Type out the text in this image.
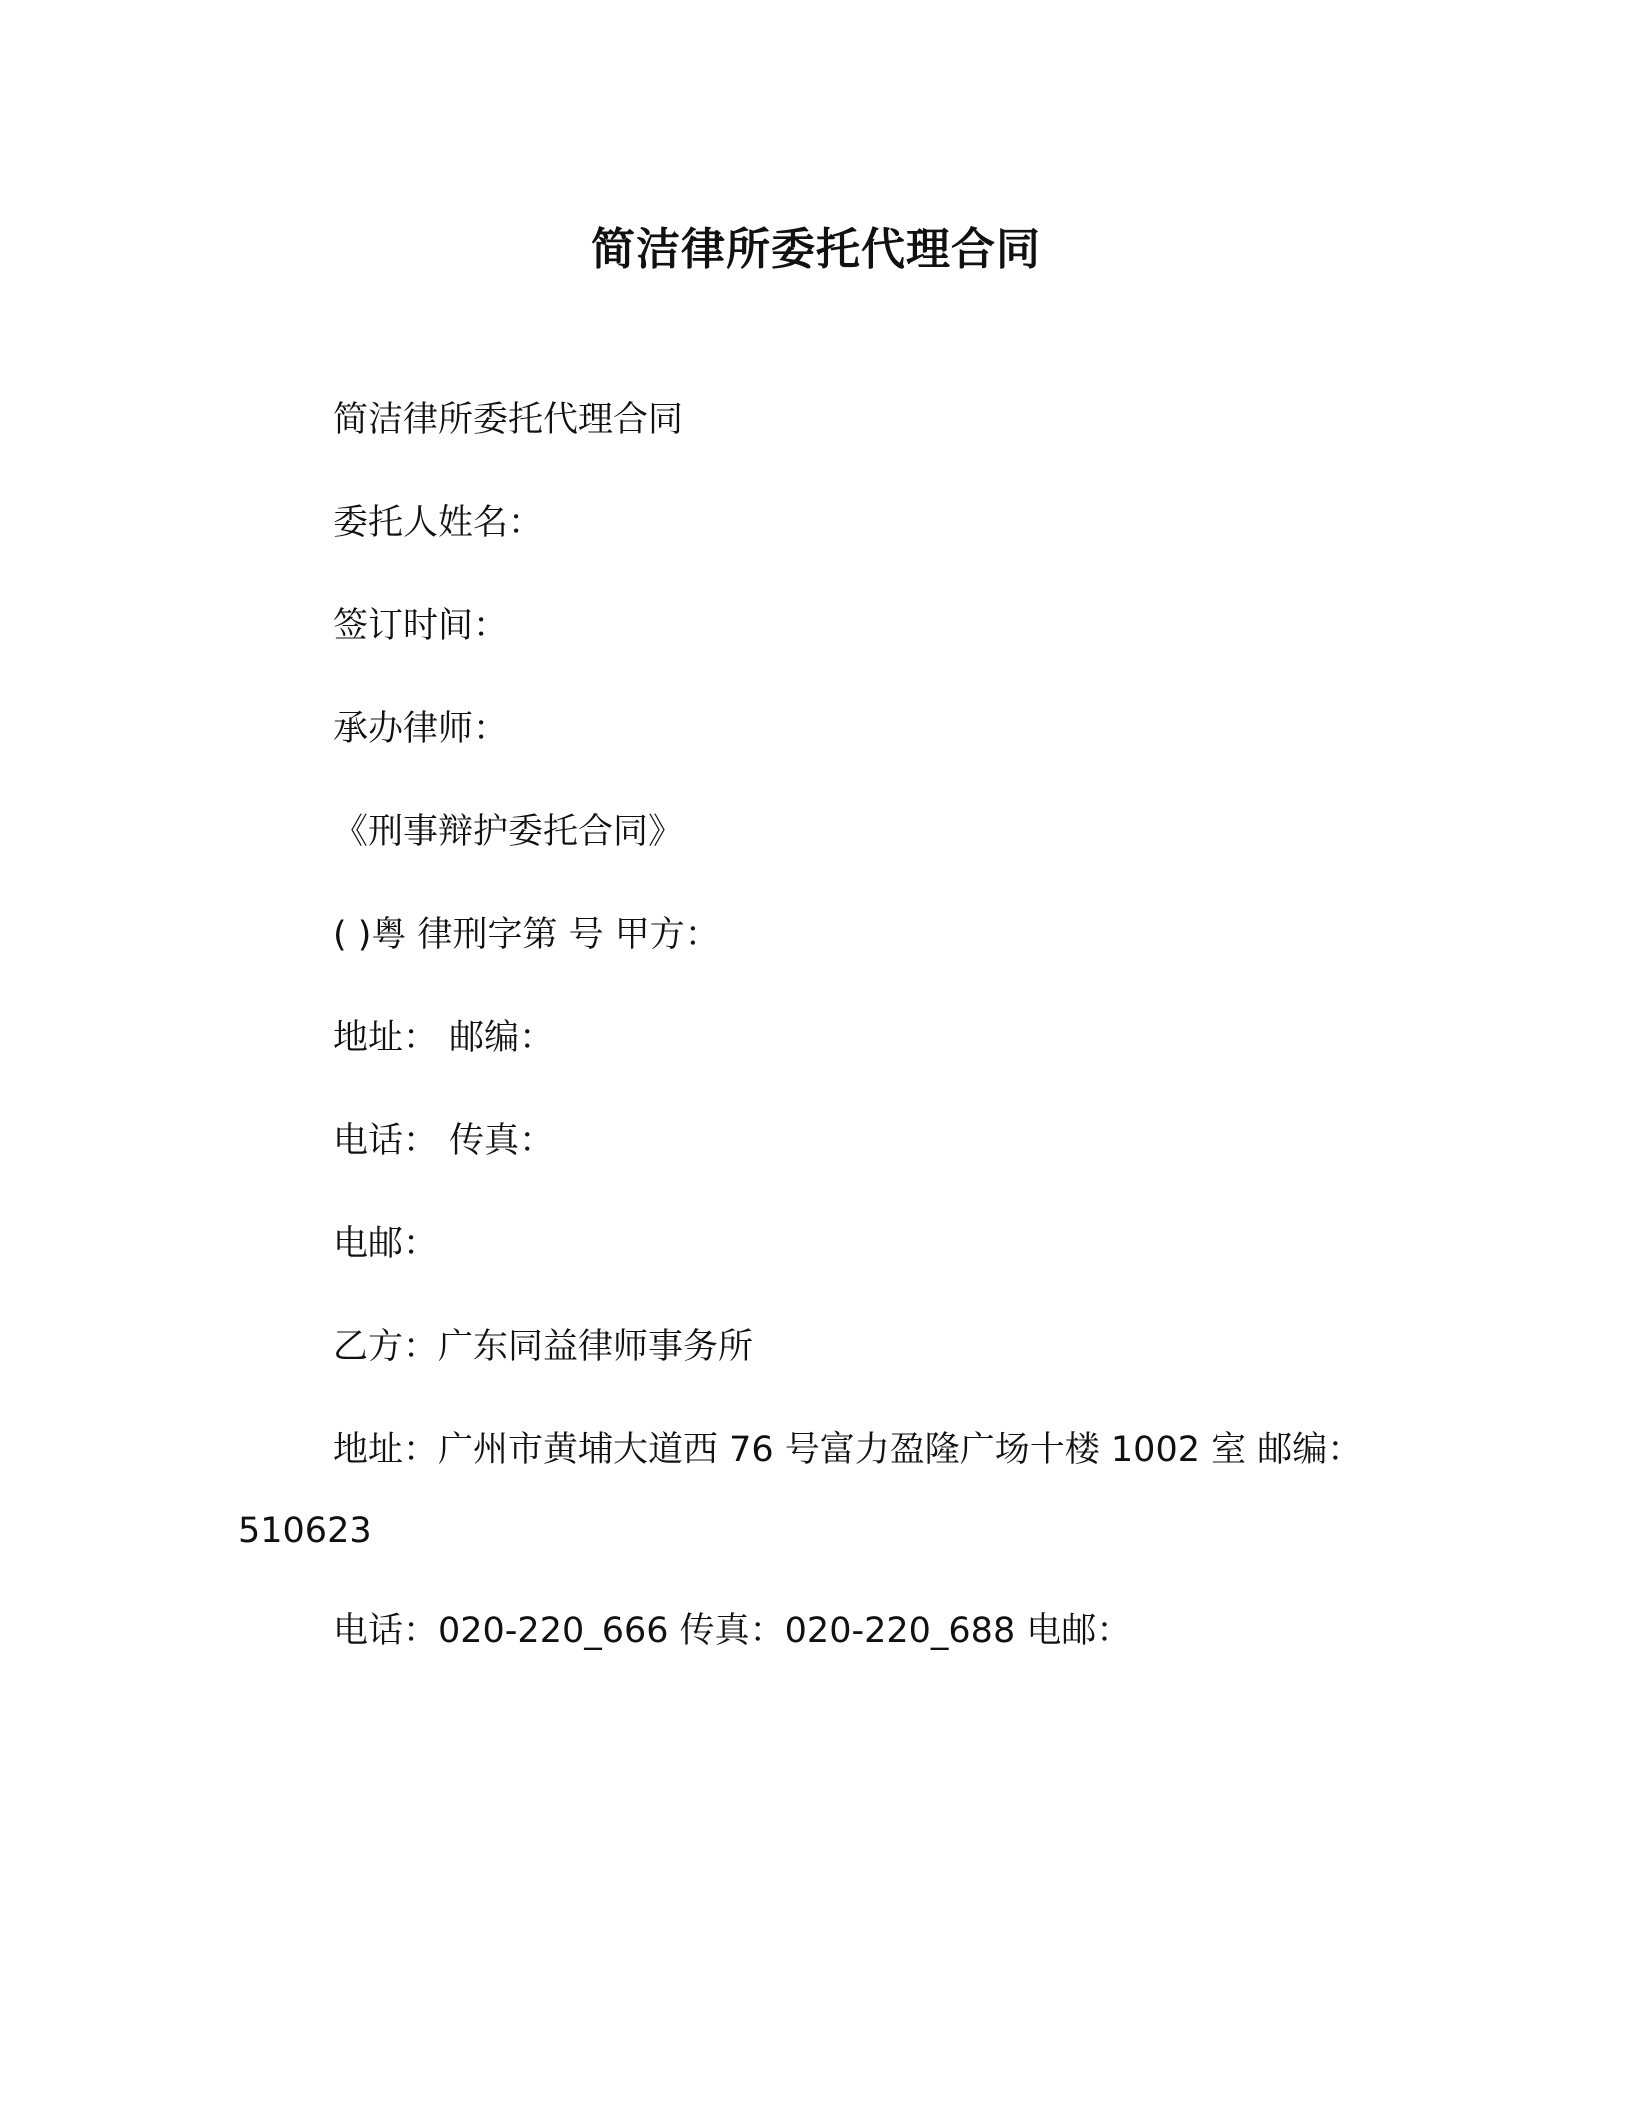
简洁律所委托代理合同
简洁律所委托代理合同
委托人姓名：
签订时间：
承办律师：
《刑事辩护委托合同》
( )粤 律刑字第 号 甲方：
地址： 邮编：
电话： 传真：
电邮：
乙方：广东同益律师事务所
地址：广州市黄埔大道西 76 号富力盈隆广场十楼 1002 室 邮编：
510623
电话：020-220_666 传真：020-220_688 电邮：
